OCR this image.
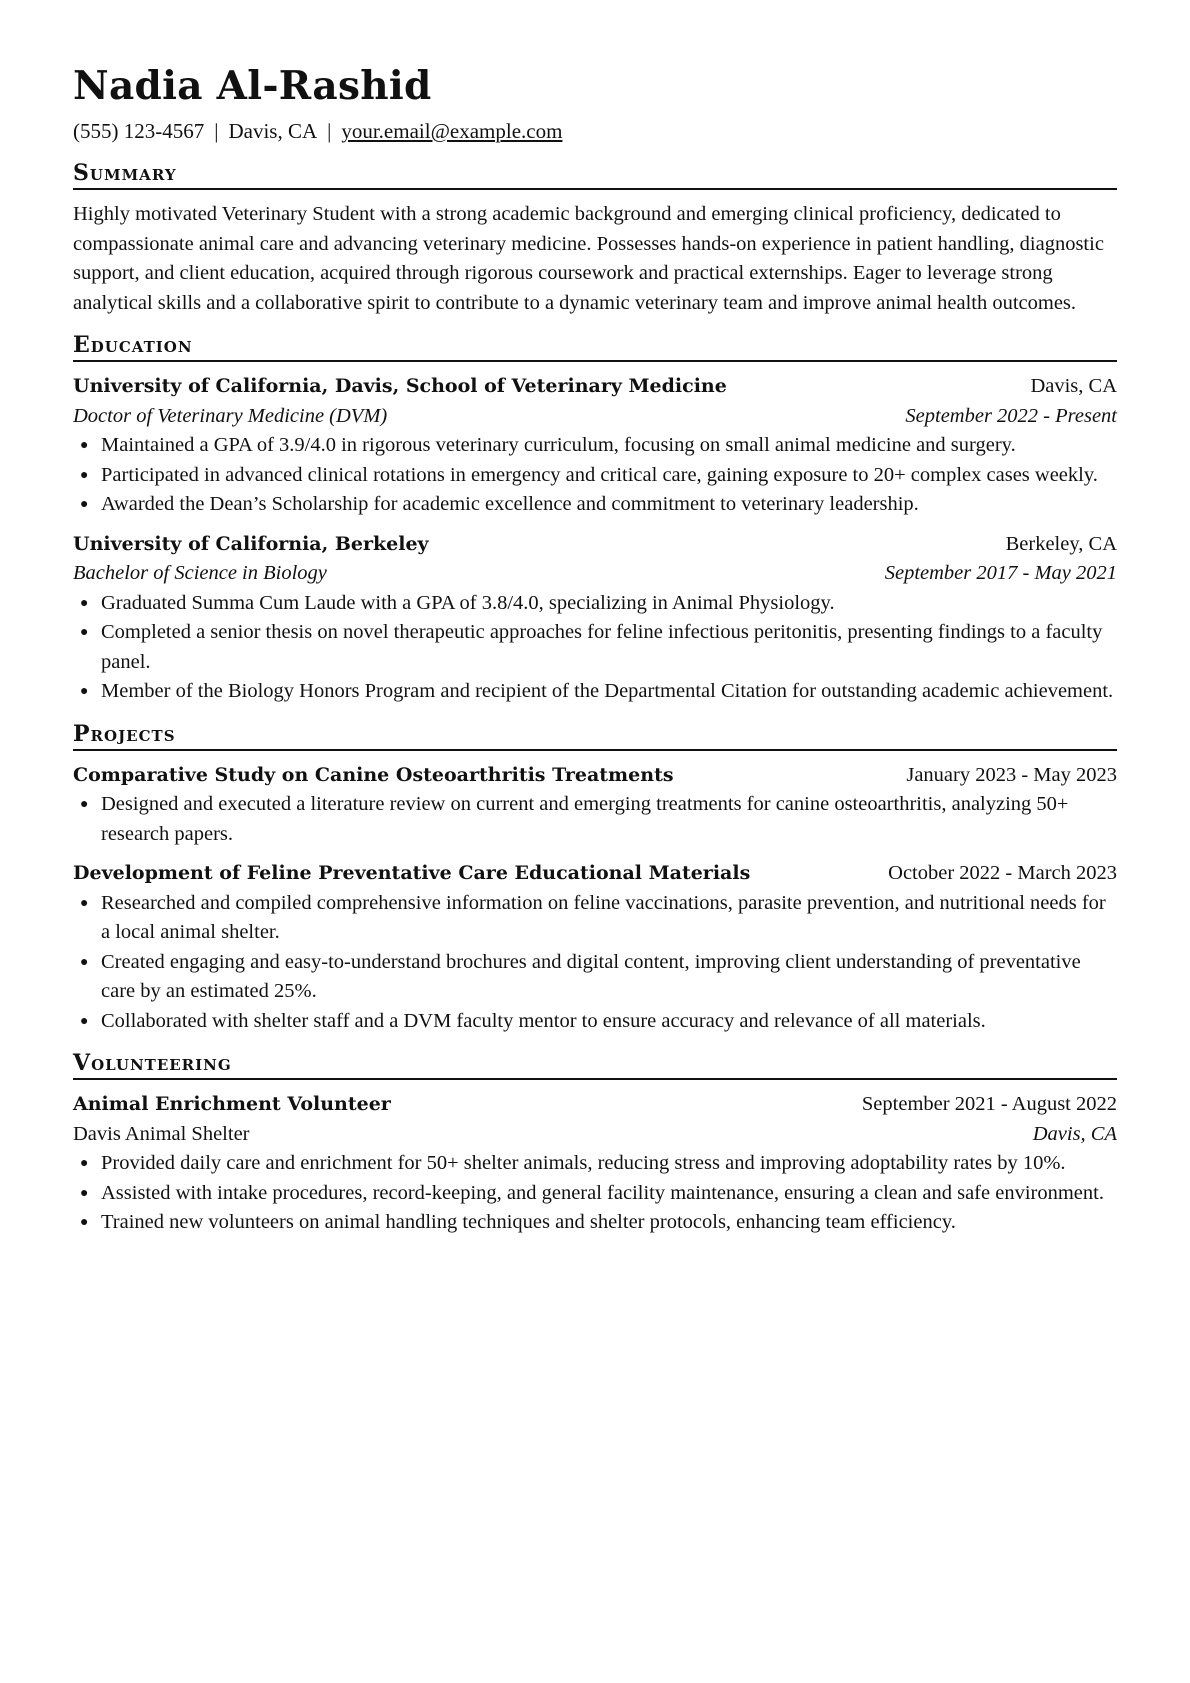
Nadia Al-Rashid
(555) 123-4567 | Davis, CA | your.email@example.com
Summary

Highly motivated Veterinary Student with a strong academic background and emerging clinical proficiency, dedicated to compassionate animal care and advancing veterinary medicine. Possesses hands-on experience in patient handling, diagnostic support, and client education, acquired through rigorous coursework and practical externships. Eager to leverage strong analytical skills and a collaborative spirit to contribute to a dynamic veterinary team and improve animal health outcomes.

Education
University of California, Davis, School of Veterinary Medicine	Davis, CA
Doctor of Veterinary Medicine (DVM)	September 2022 - Present
● Maintained a GPA of 3.9/4.0 in rigorous veterinary curriculum, focusing on small animal medicine and surgery.
● Participated in advanced clinical rotations in emergency and critical care, gaining exposure to 20+ complex cases weekly.
● Awarded the Dean’s Scholarship for academic excellence and commitment to veterinary leadership.
University of California, Berkeley	Berkeley, CA
Bachelor of Science in Biology	September 2017 - May 2021
● Graduated Summa Cum Laude with a GPA of 3.8/4.0, specializing in Animal Physiology.
● Completed a senior thesis on novel therapeutic approaches for feline infectious peritonitis, presenting findings to a faculty panel.
● Member of the Biology Honors Program and recipient of the Departmental Citation for outstanding academic achievement.
Projects
Comparative Study on Canine Osteoarthritis Treatments	January 2023 - May 2023
● Designed and executed a literature review on current and emerging treatments for canine osteoarthritis, analyzing 50+ research papers.
Development of Feline Preventative Care Educational Materials	October 2022 - March 2023
● Researched and compiled comprehensive information on feline vaccinations, parasite prevention, and nutritional needs for a local animal shelter.
● Created engaging and easy-to-understand brochures and digital content, improving client understanding of preventative care by an estimated 25%.
● Collaborated with shelter staff and a DVM faculty mentor to ensure accuracy and relevance of all materials.
Volunteering
Animal Enrichment Volunteer	September 2021 - August 2022
Davis Animal Shelter	Davis, CA
● Provided daily care and enrichment for 50+ shelter animals, reducing stress and improving adoptability rates by 10%.
● Assisted with intake procedures, record-keeping, and general facility maintenance, ensuring a clean and safe environment.
● Trained new volunteers on animal handling techniques and shelter protocols, enhancing team efficiency.
